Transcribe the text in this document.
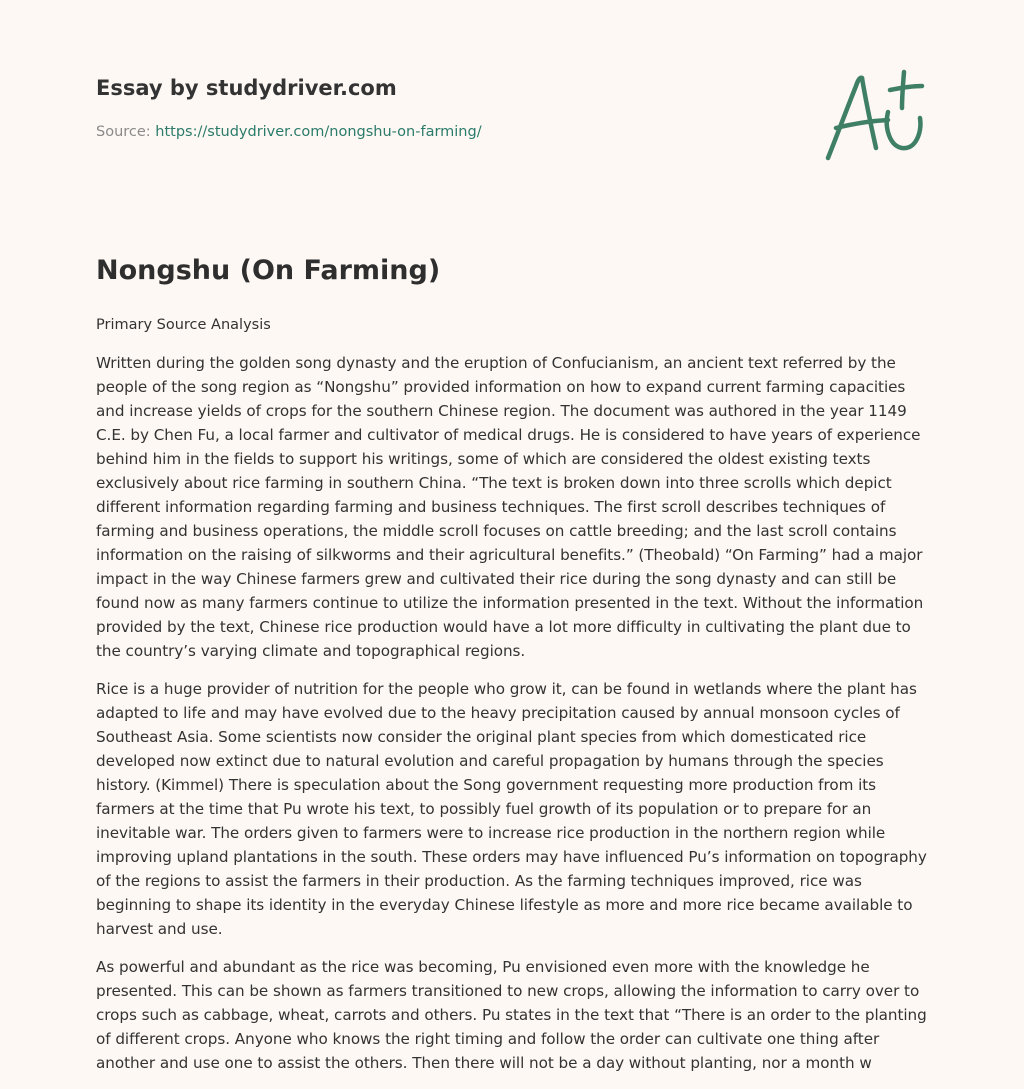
Essay by studydriver.com
Source: https://studydriver.com/nongshu-on-farming/
Nongshu (On Farming)
Primary Source Analysis

Written during the golden song dynasty and the eruption of Confucianism, an ancient text referred by the people of the song region as “Nongshu” provided information on how to expand current farming capacities and increase yields of crops for the southern Chinese region. The document was authored in the year 1149 C.E. by Chen Fu, a local farmer and cultivator of medical drugs. He is considered to have years of experience behind him in the fields to support his writings, some of which are considered the oldest existing texts exclusively about rice farming in southern China. “The text is broken down into three scrolls which depict different information regarding farming and business techniques. The first scroll describes techniques of farming and business operations, the middle scroll focuses on cattle breeding; and the last scroll contains information on the raising of silkworms and their agricultural benefits.” (Theobald) “On Farming” had a major impact in the way Chinese farmers grew and cultivated their rice during the song dynasty and can still be found now as many farmers continue to utilize the information presented in the text. Without the information provided by the text, Chinese rice production would have a lot more difficulty in cultivating the plant due to the country’s varying climate and topographical regions.

Rice is a huge provider of nutrition for the people who grow it, can be found in wetlands where the plant has adapted to life and may have evolved due to the heavy precipitation caused by annual monsoon cycles of Southeast Asia. Some scientists now consider the original plant species from which domesticated rice developed now extinct due to natural evolution and careful propagation by humans through the species history. (Kimmel) There is speculation about the Song government requesting more production from its farmers at the time that Pu wrote his text, to possibly fuel growth of its population or to prepare for an inevitable war. The orders given to farmers were to increase rice production in the northern region while improving upland plantations in the south. These orders may have influenced Pu’s information on topography of the regions to assist the farmers in their production. As the farming techniques improved, rice was beginning to shape its identity in the everyday Chinese lifestyle as more and more rice became available to harvest and use.

As powerful and abundant as the rice was becoming, Pu envisioned even more with the knowledge he presented. This can be shown as farmers transitioned to new crops, allowing the information to carry over to crops such as cabbage, wheat, carrots and others. Pu states in the text that “There is an order to the planting of different crops. Anyone who knows the right timing and follow the order can cultivate one thing after another and use one to assist the others. Then there will not be a day without planting, nor a month w
